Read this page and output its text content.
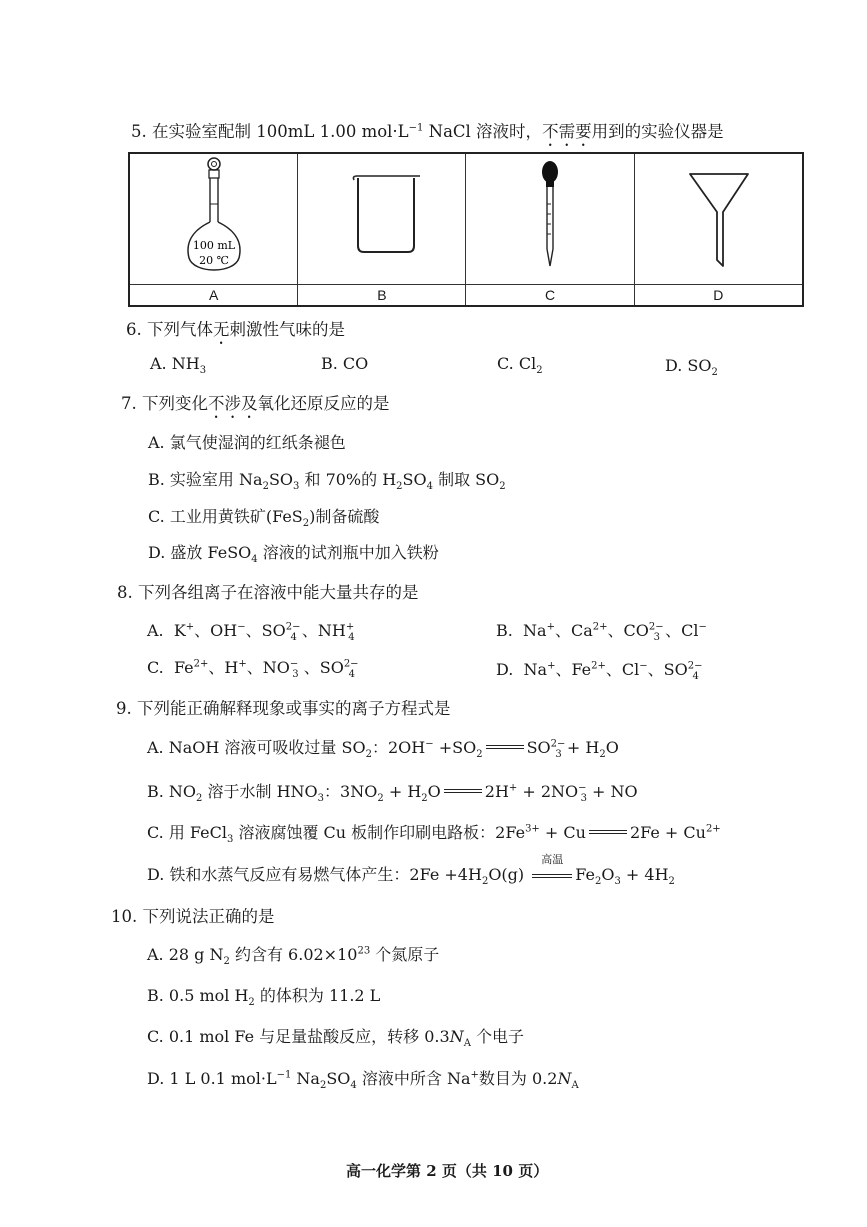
5. 在实验室配制 100mL 1.00 $mol\cdot L^{-1}$ NaCl 溶液时，不需要用到的实验仪器是
100 mL
20 ℃

A	B	C	D
6. 下列气体无刺激性气味的是
A. $NH_3$	B. CO	C. $Cl_2$	D. $SO_2$
7. 下列变化不涉及氧化还原反应的是
A. 氯气使湿润的红纸条褪色
B. 实验室用 $Na_2SO_3$ 和 70%的 $H_2SO_4$ 制取 $SO_2$
C. 工业用黄铁矿(FeS$_2$)制备硫酸
D. 盛放 FeSO$_4$ 溶液的试剂瓶中加入铁粉
8. 下列各组离子在溶液中能大量共存的是
A.  K+、OH−、$SO^{2-}_4$ 、$NH^+_4$	B.  Na+、$Ca^{2+}$、$CO^{2-}_3$ 、Cl−
C.  $Fe^{2+}$、H+、$NO^-_3$ 、$SO^{2-}_4$	D.  Na+、$Fe^{2+}$、Cl−、$SO^{2-}_4$
9. 下列能正确解释现象或事实的离子方程式是
A. NaOH 溶液可吸收过量 $SO_2$：$2OH^- +SO_2$	$SO^{2-}_3 + H_2O$
B. $NO_2$ 溶于水制 $HNO_3$：$3NO_2 + H_2O$	$2H^+ + 2NO^-_3$ + NO
C. 用 FeCl$_3$ 溶液腐蚀覆 Cu 板制作印刷电路板：$2Fe^{3+} + Cu$	$2Fe + Cu^{2+}$
D. 铁和水蒸气反应有易燃气体产生：$2Fe +4H_2O(g)$
高温
$Fe_2O_3 + 4H_2$
10. 下列说法正确的是
A. 28 g $N_2$ 约含有 $6.02\times 10^{23}$ 个氮原子
B. 0.5 mol $H_2$ 的体积为 11.2 L
C. 0.1 mol Fe 与足量盐酸反应，转移 $0.3N_A$ 个电子
D. 1 L 0.1 $mol\cdot L^{-1}$ $Na_2SO_4$ 溶液中所含 Na+数目为 $0.2N_A$
高一化学第 2 页（共 10 页）
